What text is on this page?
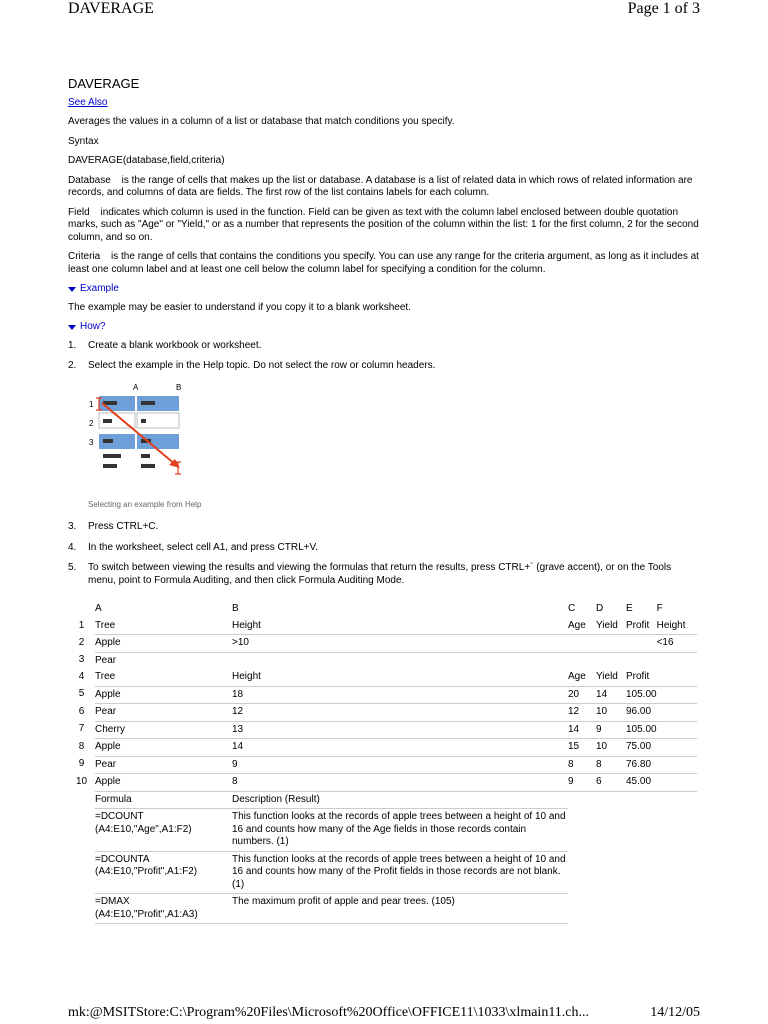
DAVERAGE	Page 1 of 3
DAVERAGE

See Also

Averages the values in a column of a list or database that match conditions you specify.

Syntax

DAVERAGE(database,field,criteria)

Database is the range of cells that makes up the list or database. A database is a list of related data in which rows of related information are records, and columns of data are fields. The first row of the list contains labels for each column.

Field indicates which column is used in the function. Field can be given as text with the column label enclosed between double quotation marks, such as "Age" or "Yield," or as a number that represents the position of the column within the list: 1 for the first column, 2 for the second column, and so on.

Criteria is the range of cells that contains the conditions you specify. You can use any range for the criteria argument, as long as it includes at least one column label and at least one cell below the column label for specifying a condition for the column.

Example

The example may be easier to understand if you copy it to a blank worksheet.

How?
1.	Create a blank workbook or worksheet.
2.	Select the example in the Help topic. Do not select the row or column headers.
A	B
1
2
3

Selecting an example from Help

3.	Press CTRL+C.
4.	In the worksheet, select cell A1, and press CTRL+V.
5.	To switch between viewing the results and viewing the formulas that return the results, press CTRL+` (grave accent), or on the Tools menu, point to Formula Auditing, and then click Formula Auditing Mode.
	A	B	C	D	E	F
1	Tree	Height	Age	Yield	Profit	Height
2	Apple	>10				<16
3	Pear					
4	Tree	Height	Age	Yield	Profit	
5	Apple	18	20	14	105.00	
6	Pear	12	12	10	96.00	
7	Cherry	13	14	9	105.00	
8	Apple	14	15	10	75.00	
9	Pear	9	8	8	76.80	
10	Apple	8	9	6	45.00	
	Formula	Description (Result)				
	=DCOUNT (A4:E10,"Age",A1:F2)	This function looks at the records of apple trees between a height of 10 and 16 and counts how many of the Age fields in those records contain numbers. (1)				
	=DCOUNTA (A4:E10,"Profit",A1:F2)	This function looks at the records of apple trees between a height of 10 and 16 and counts how many of the Profit fields in those records are not blank. (1)				
	=DMAX (A4:E10,"Profit",A1:A3)	The maximum profit of apple and pear trees. (105)				
mk:@MSITStore:C:\Program%20Files\Microsoft%20Office\OFFICE11\1033\xlmain11.ch...	14/12/05
